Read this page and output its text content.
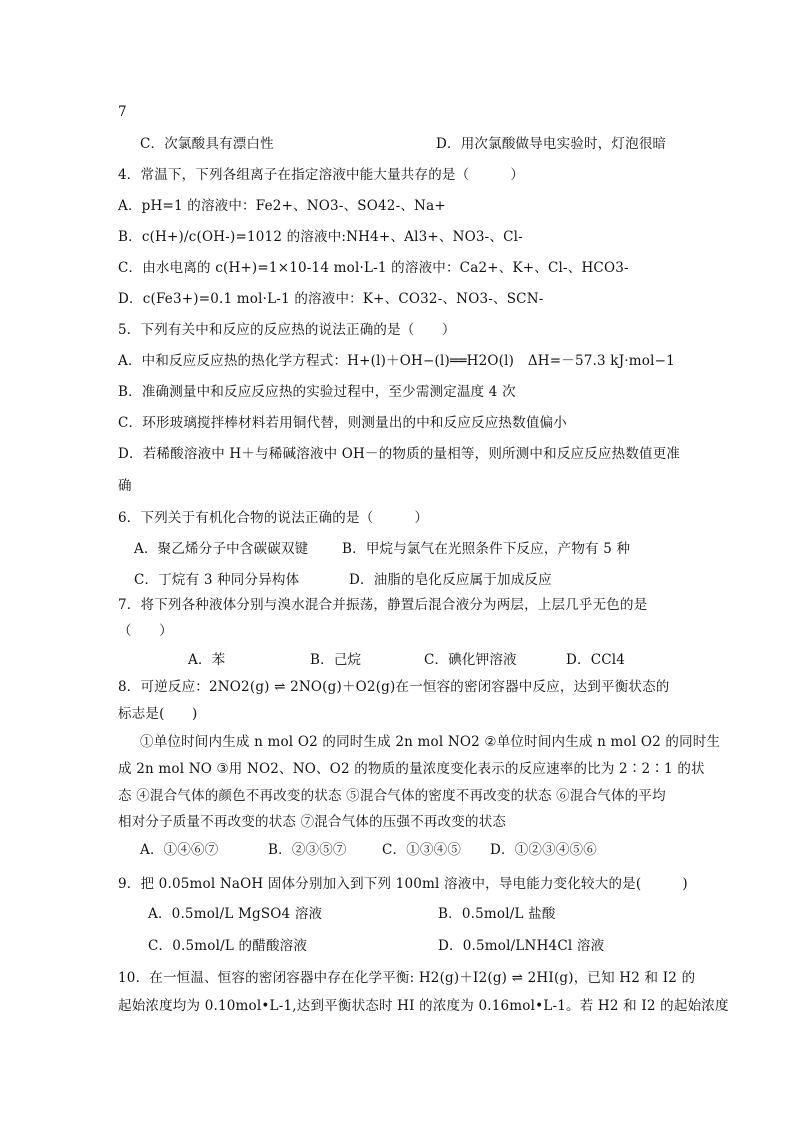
7
C．次氯酸具有漂白性	D．用次氯酸做导电实验时，灯泡很暗
4．常温下，下列各组离子在指定溶液中能大量共存的是（　　　）
A．pH=1 的溶液中：Fe2+、NO3-、SO42-、Na+
B．c(H+)/c(OH-)=1012 的溶液中:NH4+、Al3+、NO3-、Cl-
C．由水电离的 c(H+)=1×10-14 mol·L-1 的溶液中：Ca2+、K+、Cl-、HCO3-
D．c(Fe3+)=0.1 mol·L-1 的溶液中：K+、CO32-、NO3-、SCN-
5．下列有关中和反应的反应热的说法正确的是（　　）
A．中和反应反应热的热化学方程式：H+(l)＋OH−(l)══H2O(l)　ΔH=－57.3 kJ·mol−1
B．准确测量中和反应反应热的实验过程中，至少需测定温度 4 次
C．环形玻璃搅拌棒材料若用铜代替，则测量出的中和反应反应热数值偏小
D．若稀酸溶液中 H＋与稀碱溶液中 OH－的物质的量相等，则所测中和反应反应热数值更准
确
6．下列关于有机化合物的说法正确的是（　　　）
A．聚乙烯分子中含碳碳双键 B．甲烷与氯气在光照条件下反应，产物有 5 种
C．丁烷有 3 种同分异构体	D．油脂的皂化反应属于加成反应
7．将下列各种液体分别与溴水混合并振荡，静置后混合液分为两层，上层几乎无色的是
（　　）
A．苯	B．己烷	C．碘化钾溶液	D．CCl4
8．可逆反应：2NO2(g) ⇌ 2NO(g)＋O2(g)在一恒容的密闭容器中反应，达到平衡状态的
标志是(　　)
①单位时间内生成 n mol O2 的同时生成 2n mol NO2 ②单位时间内生成 n mol O2 的同时生
成 2n mol NO ③用 NO2、NO、O2 的物质的量浓度变化表示的反应速率的比为 2∶2∶1 的状
态 ④混合气体的颜色不再改变的状态 ⑤混合气体的密度不再改变的状态 ⑥混合气体的平均
相对分子质量不再改变的状态 ⑦混合气体的压强不再改变的状态
A．①④⑥⑦	B．②③⑤⑦	C．①③④⑤ D．①②③④⑤⑥
9．把 0.05mol NaOH 固体分别加入到下列 100ml 溶液中，导电能力变化较大的是(　　　)
A．0.5mol/L MgSO4 溶液	B．0.5mol/L 盐酸
C．0.5mol/L 的醋酸溶液	D．0.5mol/LNH4Cl 溶液
10．在一恒温、恒容的密闭容器中存在化学平衡: H2(g)＋I2(g) ⇌ 2HI(g)，已知 H2 和 I2 的
起始浓度均为 0.10mol•L-1,达到平衡状态时 HI 的浓度为 0.16mol•L-1。若 H2 和 I2 的起始浓度
